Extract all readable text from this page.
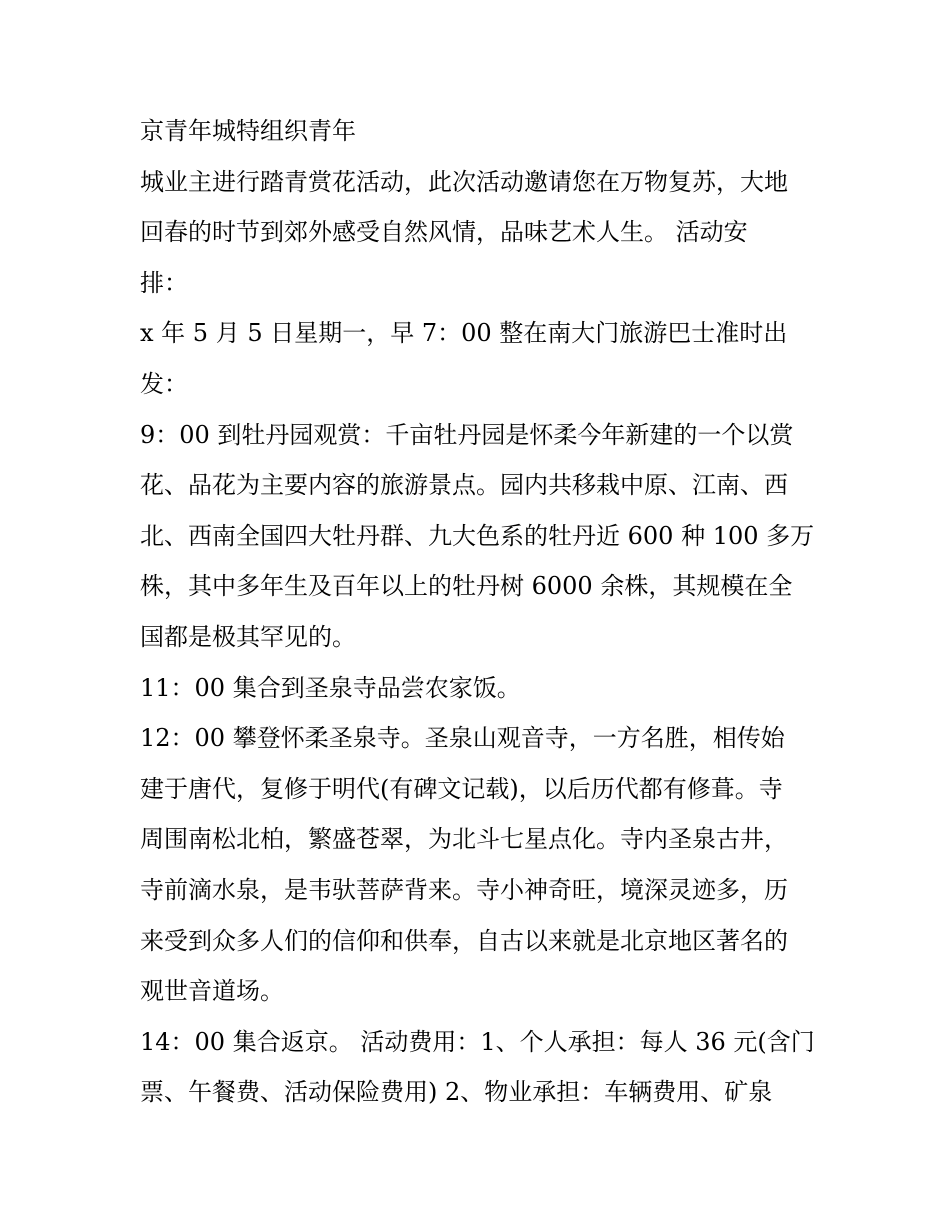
京青年城特组织青年
城业主进行踏青赏花活动，此次活动邀请您在万物复苏，大地
回春的时节到郊外感受自然风情，品味艺术人生。 活动安
排：
x 年 5 月 5 日星期一，早 7：00 整在南大门旅游巴士准时出
发：
9：00 到牡丹园观赏：千亩牡丹园是怀柔今年新建的一个以赏
花、品花为主要内容的旅游景点。园内共移栽中原、江南、西
北、西南全国四大牡丹群、九大色系的牡丹近 600 种 100 多万
株，其中多年生及百年以上的牡丹树 6000 余株，其规模在全
国都是极其罕见的。
11：00 集合到圣泉寺品尝农家饭。
12：00 攀登怀柔圣泉寺。圣泉山观音寺，一方名胜，相传始
建于唐代，复修于明代(有碑文记载)，以后历代都有修葺。寺
周围南松北柏，繁盛苍翠，为北斗七星点化。寺内圣泉古井，
寺前滴水泉，是韦驮菩萨背来。寺小神奇旺，境深灵迹多，历
来受到众多人们的信仰和供奉，自古以来就是北京地区著名的
观世音道场。
14：00 集合返京。 活动费用：1、个人承担：每人 36 元(含门
票、午餐费、活动保险费用) 2、物业承担：车辆费用、矿泉
